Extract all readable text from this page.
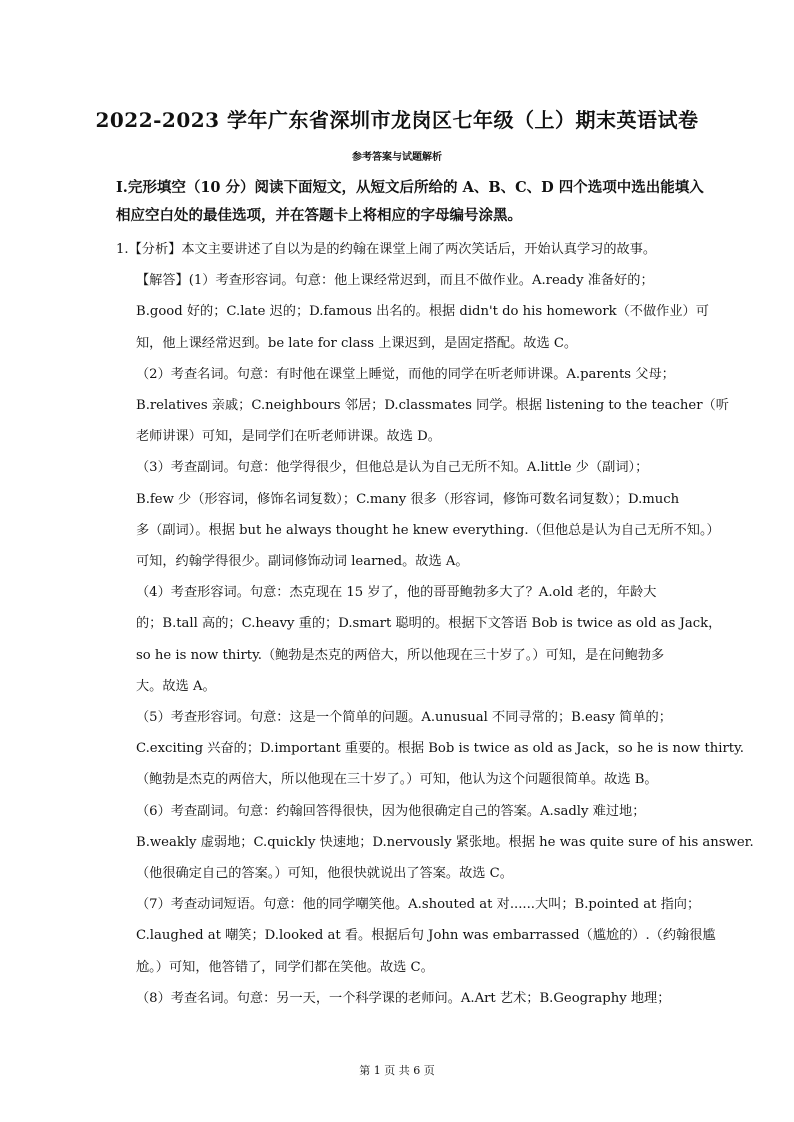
2022-2023 学年广东省深圳市龙岗区七年级（上）期末英语试卷
参考答案与试题解析
I.完形填空（10 分）阅读下面短文，从短文后所给的 A、B、C、D 四个选项中选出能填入
相应空白处的最佳选项，并在答题卡上将相应的字母编号涂黑。
1.【分析】本文主要讲述了自以为是的约翰在课堂上闹了两次笑话后，开始认真学习的故事。
【解答】(1）考查形容词。句意：他上课经常迟到，而且不做作业。A.ready 准备好的；
B.good 好的；C.late 迟的；D.famous 出名的。根据 didn't do his homework（不做作业）可
知，他上课经常迟到。be late for class 上课迟到，是固定搭配。故选 C。
（2）考查名词。句意：有时他在课堂上睡觉，而他的同学在听老师讲课。A.parents 父母；
B.relatives 亲戚；C.neighbours 邻居；D.classmates 同学。根据 listening to the teacher（听
老师讲课）可知，是同学们在听老师讲课。故选 D。
（3）考查副词。句意：他学得很少，但他总是认为自己无所不知。A.little 少（副词）；
B.few 少（形容词，修饰名词复数）；C.many 很多（形容词，修饰可数名词复数）；D.much
多（副词）。根据 but he always thought he knew everything.（但他总是认为自己无所不知。）
可知，约翰学得很少。副词修饰动词 learned。故选 A。
（4）考查形容词。句意：杰克现在 15 岁了，他的哥哥鲍勃多大了？A.old 老的，年龄大
的；B.tall 高的；C.heavy 重的；D.smart 聪明的。根据下文答语 Bob is twice as old as Jack，
so he is now thirty.（鲍勃是杰克的两倍大，所以他现在三十岁了。）可知，是在问鲍勃多
大。故选 A。
（5）考查形容词。句意：这是一个简单的问题。A.unusual 不同寻常的；B.easy 简单的；
C.exciting 兴奋的；D.important 重要的。根据 Bob is twice as old as Jack，so he is now thirty.
（鲍勃是杰克的两倍大，所以他现在三十岁了。）可知，他认为这个问题很简单。故选 B。
（6）考查副词。句意：约翰回答得很快，因为他很确定自己的答案。A.sadly 难过地；
B.weakly 虚弱地；C.quickly 快速地；D.nervously 紧张地。根据 he was quite sure of his answer.
（他很确定自己的答案。）可知，他很快就说出了答案。故选 C。
（7）考查动词短语。句意：他的同学嘲笑他。A.shouted at 对......大叫；B.pointed at 指向；
C.laughed at 嘲笑；D.looked at 看。根据后句 John was embarrassed（尴尬的）.（约翰很尴
尬。）可知，他答错了，同学们都在笑他。故选 C。
（8）考查名词。句意：另一天，一个科学课的老师问。A.Art 艺术；B.Geography 地理；
第 1 页 共 6 页
